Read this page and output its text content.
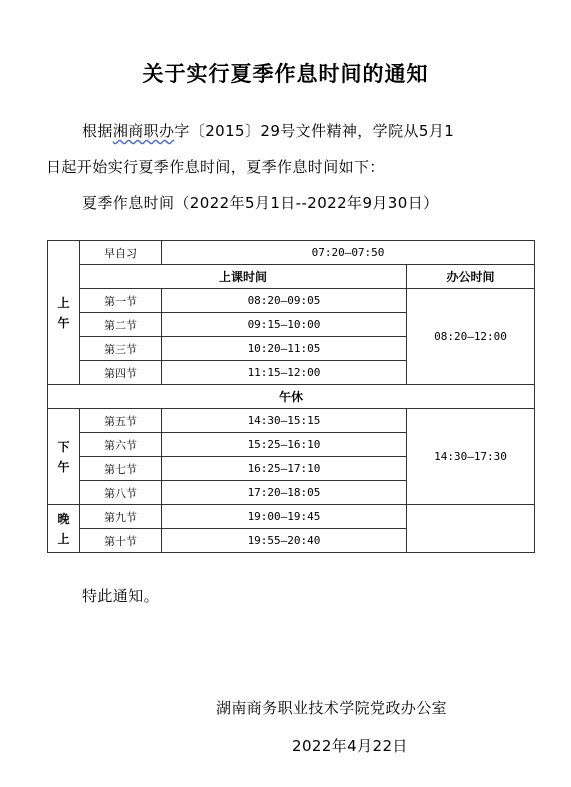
关于实行夏季作息时间的通知
根据湘商职办字〔2015〕29号文件精神，学院从5月1
日起开始实行夏季作息时间，夏季作息时间如下：
夏季作息时间（2022年5月1日--2022年9月30日）
上午	早自习	07:20—07:50	
	上课时间		办公时间
	第一节	08:20—09:05	08:20—12:00
	第二节	09:15—10:00	
	第三节	10:20—11:05	
	第四节	11:15—12:00	
午休			
下午	第五节	14:30—15:15	14:30—17:30
	第六节	15:25—16:10	
	第七节	16:25—17:10	
	第八节	17:20—18:05	
晚上	第九节	19:00—19:45	
	第十节	19:55—20:40	
特此通知。
湖南商务职业技术学院党政办公室
2022年4月22日
